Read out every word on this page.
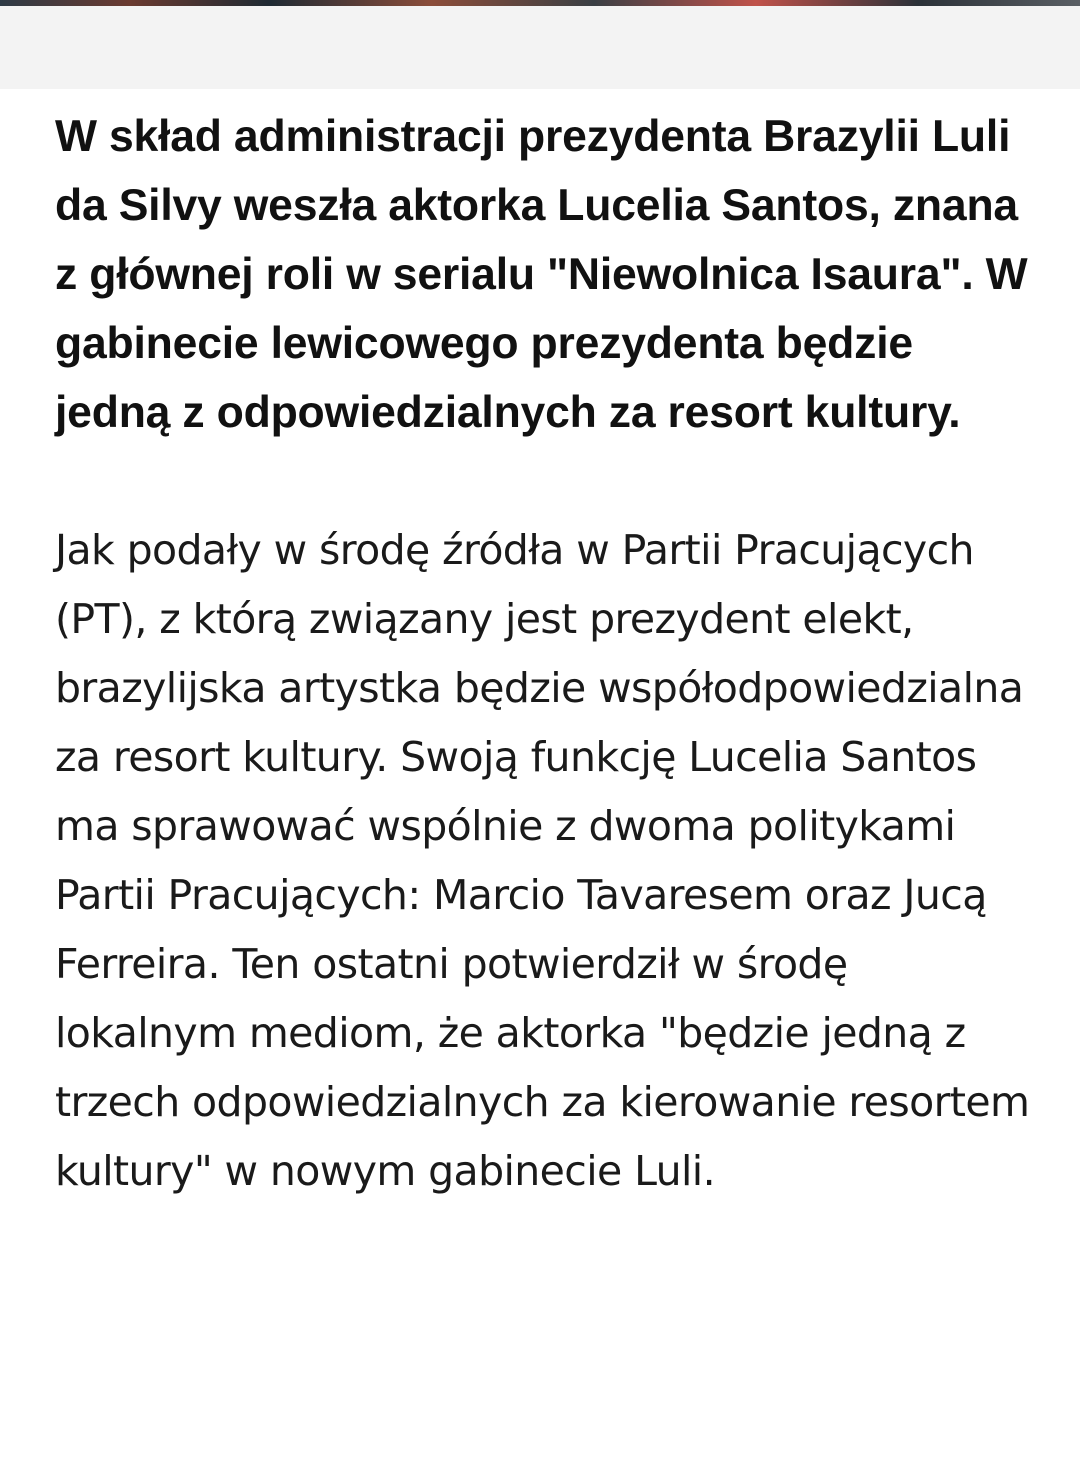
W skład administracji prezydenta Brazylii Luli da Silvy weszła aktorka Lucelia Santos, znana z głównej roli w serialu "Niewolnica Isaura". W gabinecie lewicowego prezydenta będzie jedną z odpowiedzialnych za resort kultury.

Jak podały w środę źródła w Partii Pracujących (PT), z którą związany jest prezydent elekt, brazylijska artystka będzie współodpowiedzialna za resort kultury. Swoją funkcję Lucelia Santos ma sprawować wspólnie z dwoma politykami Partii Pracujących: Marcio Tavaresem oraz Jucą Ferreira. Ten ostatni potwierdził w środę lokalnym mediom, że aktorka "będzie jedną z trzech odpowiedzialnych za kierowanie resortem kultury" w nowym gabinecie Luli.
